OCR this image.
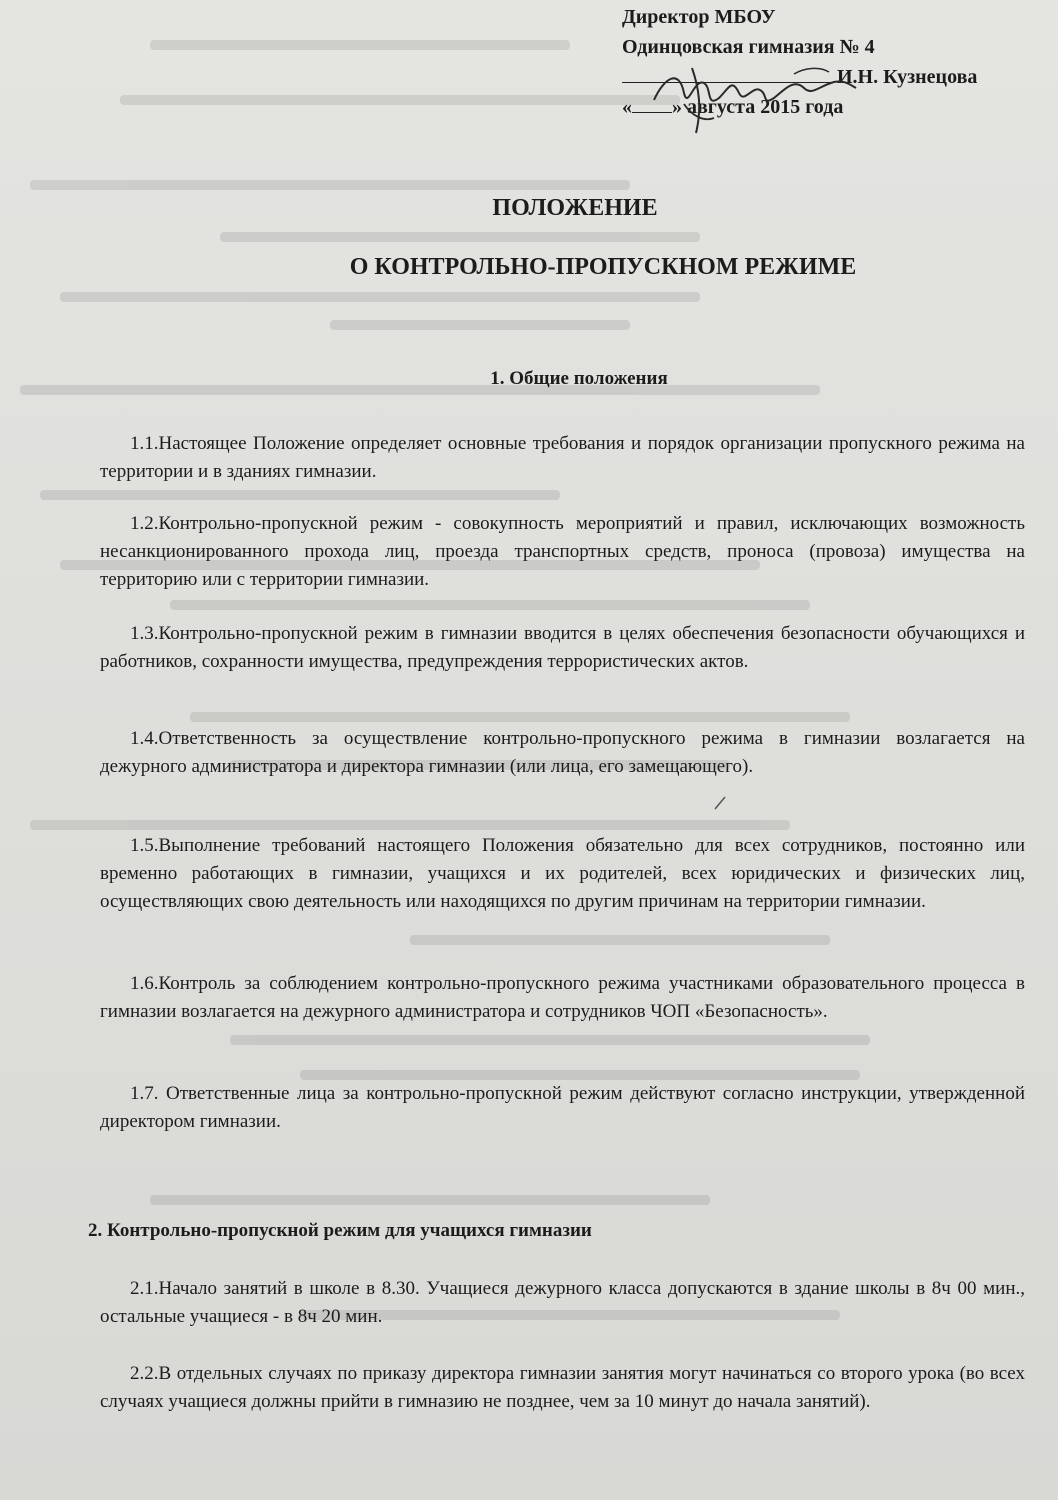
Директор МБОУ
Одинцовская гимназия № 4
И.Н. Кузнецова
« » августа 2015 года
ПОЛОЖЕНИЕ
О КОНТРОЛЬНО-ПРОПУСКНОМ РЕЖИМЕ
1. Общие положения
1.1.Настоящее Положение определяет основные требования и порядок организации пропускного режима на территории и в зданиях гимназии.
1.2.Контрольно-пропускной режим - совокупность мероприятий и правил, исключающих возможность несанкционированного прохода лиц, проезда транспортных средств, проноса (провоза) имущества на территорию или с территории гимназии.
1.3.Контрольно-пропускной режим в гимназии вводится в целях обеспечения безопасности обучающихся и работников, сохранности имущества, предупреждения террористических актов.
1.4.Ответственность за осуществление контрольно-пропускного режима в гимназии возлагается на дежурного администратора и директора гимназии (или лица, его замещающего).
1.5.Выполнение требований настоящего Положения обязательно для всех сотрудников, постоянно или временно работающих в гимназии, учащихся и их родителей, всех юридических и физических лиц, осуществляющих свою деятельность или находящихся по другим причинам на территории гимназии.
1.6.Контроль за соблюдением контрольно-пропускного режима участниками образовательного процесса в гимназии возлагается на дежурного администратора и сотрудников ЧОП «Безопасность».
1.7. Ответственные лица за контрольно-пропускной режим действуют согласно инструкции, утвержденной директором гимназии.
2. Контрольно-пропускной режим для учащихся гимназии
2.1.Начало занятий в школе в 8.30. Учащиеся дежурного класса допускаются в здание школы в 8ч 00 мин., остальные учащиеся - в 8ч 20 мин.
2.2.В отдельных случаях по приказу директора гимназии занятия могут начинаться со второго урока (во всех случаях учащиеся должны прийти в гимназию не позднее, чем за 10 минут до начала занятий).
